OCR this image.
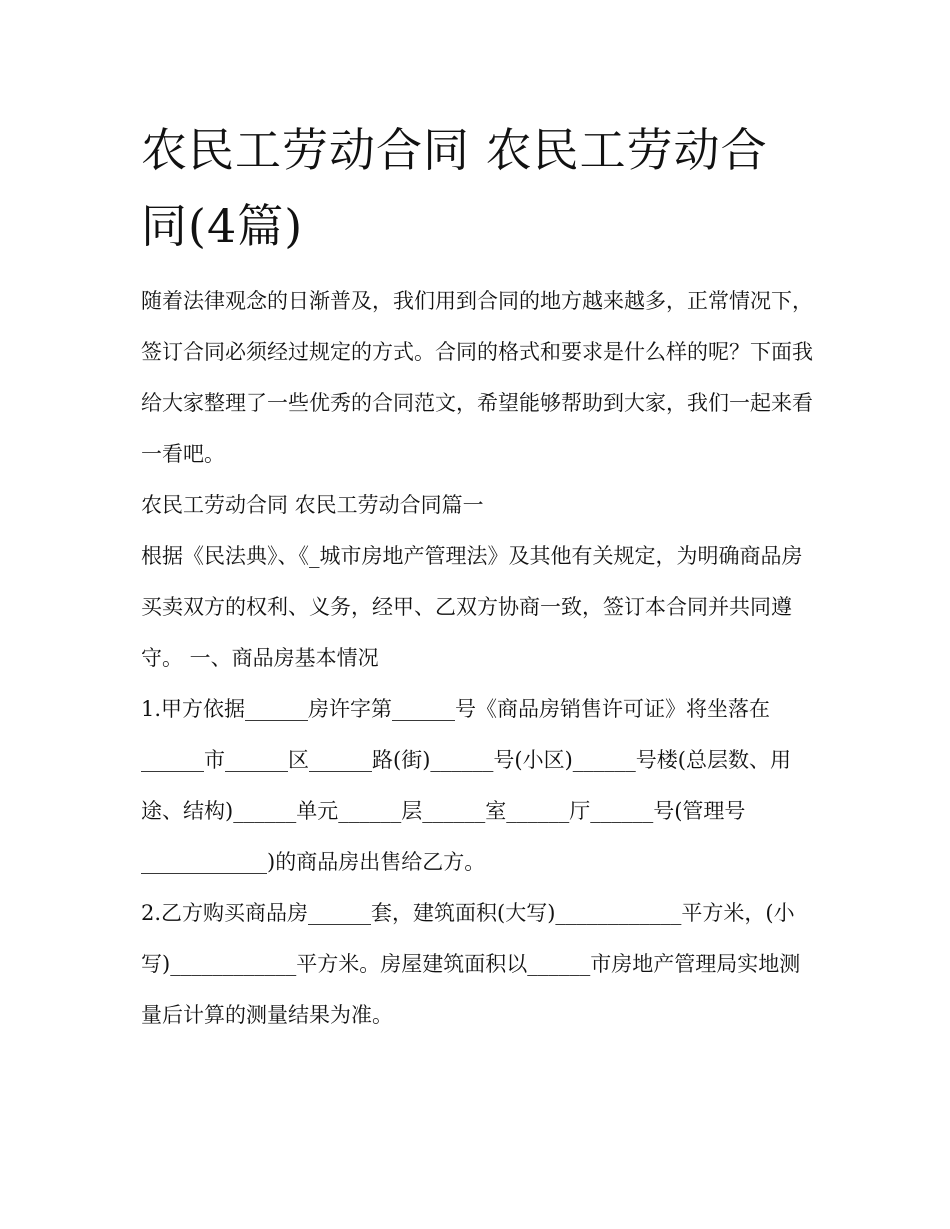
农民工劳动合同 农民工劳动合同(4篇)

随着法律观念的日渐普及，我们用到合同的地方越来越多，正常情况下，签订合同必须经过规定的方式。合同的格式和要求是什么样的呢？下面我给大家整理了一些优秀的合同范文，希望能够帮助到大家，我们一起来看一看吧。

农民工劳动合同 农民工劳动合同篇一

根据《民法典》、《_城市房地产管理法》及其他有关规定，为明确商品房买卖双方的权利、义务，经甲、乙双方协商一致，签订本合同并共同遵守。 一、商品房基本情况

1.甲方依据______房许字第______号《商品房销售许可证》将坐落在______市______区______路(街)______号(小区)______号楼(总层数、用途、结构)______单元______层______室______厅______号(管理号____________)的商品房出售给乙方。

2.乙方购买商品房______套，建筑面积(大写)____________平方米，(小写)____________平方米。房屋建筑面积以______市房地产管理局实地测量后计算的测量结果为准。
